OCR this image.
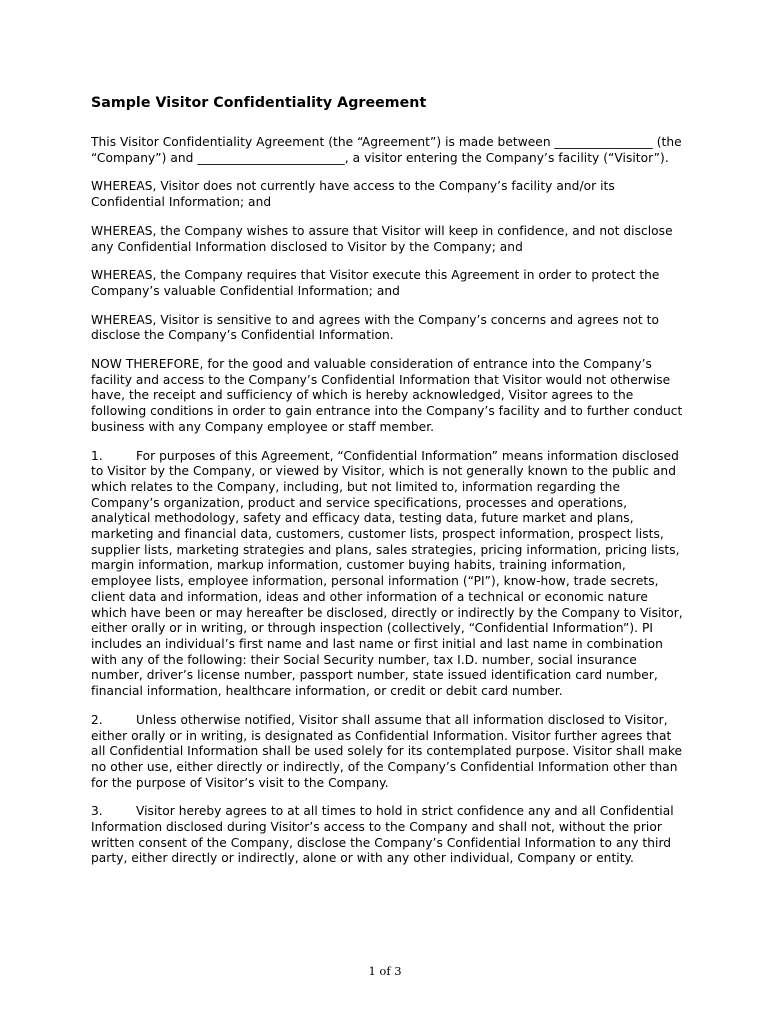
Sample Visitor Confidentiality Agreement
This Visitor Confidentiality Agreement (the “Agreement”) is made between ________________ (the “Company”) and ________________________, a visitor entering the Company’s facility (“Visitor”).
WHEREAS, Visitor does not currently have access to the Company’s facility and/or its Confidential Information; and
WHEREAS, the Company wishes to assure that Visitor will keep in confidence, and not disclose any Confidential Information disclosed to Visitor by the Company; and
WHEREAS, the Company requires that Visitor execute this Agreement in order to protect the Company’s valuable Confidential Information; and
WHEREAS, Visitor is sensitive to and agrees with the Company’s concerns and agrees not to disclose the Company’s Confidential Information.
NOW THEREFORE, for the good and valuable consideration of entrance into the Company’s facility and access to the Company’s Confidential Information that Visitor would not otherwise have, the receipt and sufficiency of which is hereby acknowledged, Visitor agrees to the following conditions in order to gain entrance into the Company’s facility and to further conduct business with any Company employee or staff member.
1.	For purposes of this Agreement, “Confidential Information” means information disclosed to Visitor by the Company, or viewed by Visitor, which is not generally known to the public and which relates to the Company, including, but not limited to, information regarding the Company’s organization, product and service specifications, processes and operations, analytical methodology, safety and efficacy data, testing data, future market and plans, marketing and financial data, customers, customer lists, prospect information, prospect lists, supplier lists, marketing strategies and plans, sales strategies, pricing information, pricing lists, margin information, markup information, customer buying habits, training information, employee lists, employee information, personal information (“PI”), know-how, trade secrets, client data and information, ideas and other information of a technical or economic nature which have been or may hereafter be disclosed, directly or indirectly by the Company to Visitor, either orally or in writing, or through inspection (collectively, “Confidential Information”). PI includes an individual’s first name and last name or first initial and last name in combination with any of the following: their Social Security number, tax I.D. number, social insurance number, driver’s license number, passport number, state issued identification card number, financial information, healthcare information, or credit or debit card number.
2.	Unless otherwise notified, Visitor shall assume that all information disclosed to Visitor, either orally or in writing, is designated as Confidential Information. Visitor further agrees that all Confidential Information shall be used solely for its contemplated purpose. Visitor shall make no other use, either directly or indirectly, of the Company’s Confidential Information other than for the purpose of Visitor’s visit to the Company.
3.	Visitor hereby agrees to at all times to hold in strict confidence any and all Confidential Information disclosed during Visitor’s access to the Company and shall not, without the prior written consent of the Company, disclose the Company’s Confidential Information to any third party, either directly or indirectly, alone or with any other individual, Company or entity.
1 of 3
